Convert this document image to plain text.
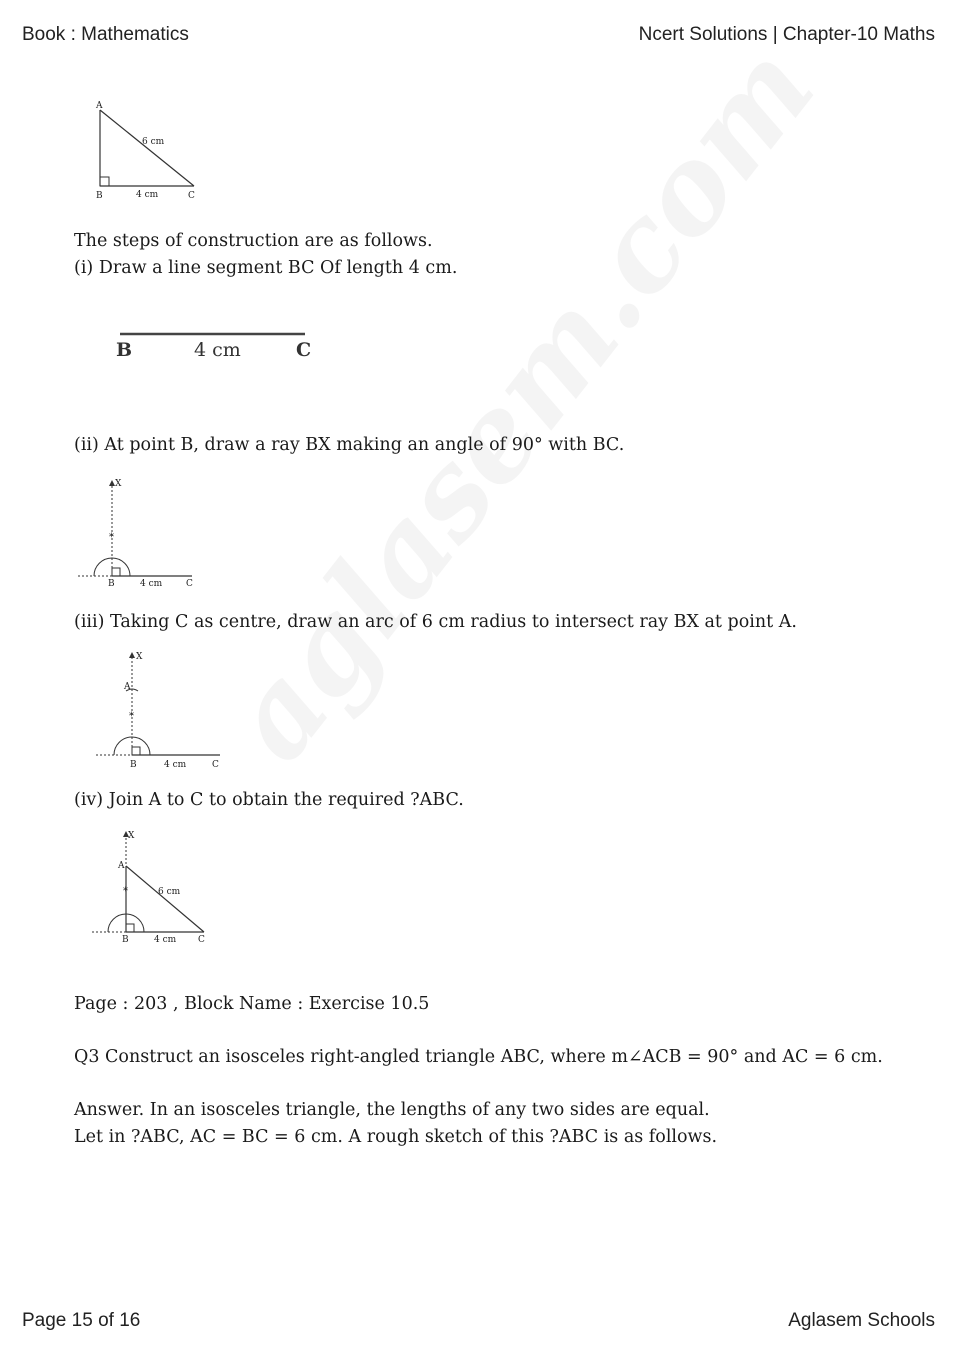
Book : Mathematics	Ncert Solutions | Chapter-10 Maths
A
B	C
6 cm
4 cm
The steps of construction are as follows.
(i) Draw a line segment BC Of length 4 cm.
B	4 cm	C
(ii) At point B, draw a ray BX making an angle of 90° with BC.
*
X
B	4 cm	C
(iii) Taking C as centre, draw an arc of 6 cm radius to intersect ray BX at point A.
*
X
A
B	4 cm	C
(iv) Join A to C to obtain the required ?ABC.
*
X
A
B
6 cm
4 cm C
Page : 203 , Block Name : Exercise 10.5
Q3 Construct an isosceles right-angled triangle ABC, where m∠ACB = 90° and AC = 6 cm.
Answer. In an isosceles triangle, the lengths of any two sides are equal.
Let in ?ABC, AC = BC = 6 cm. A rough sketch of this ?ABC is as follows.
Page 15 of 16	Aglasem Schools
